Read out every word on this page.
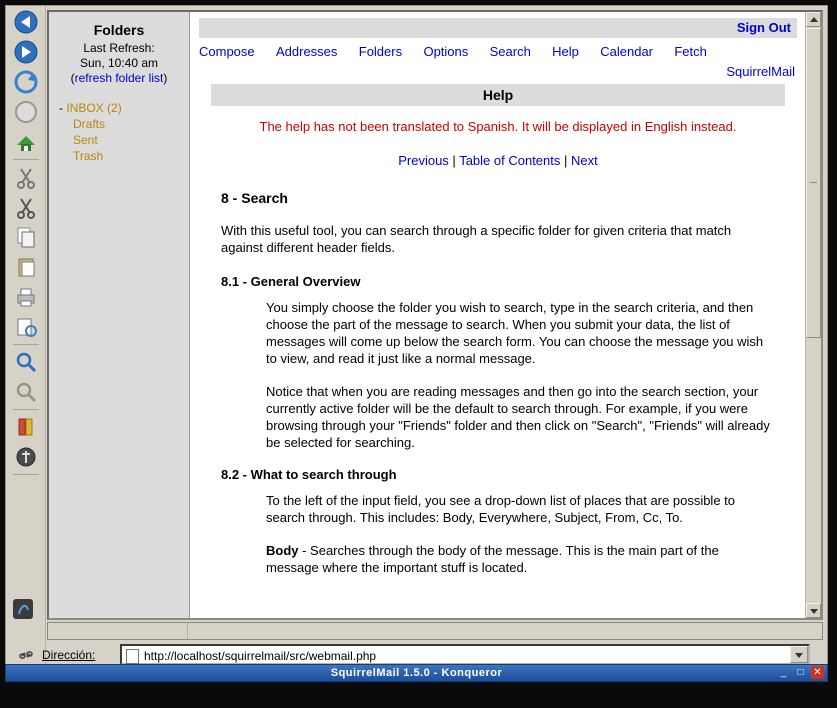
Folders
Last Refresh:
Sun, 10:40 am
(refresh folder list)
- INBOX (2)
Drafts
Sent
Trash
Sign Out
Compose Addresses Folders Options Search Help Calendar Fetch
SquirrelMail
Help
The help has not been translated to Spanish. It will be displayed in English instead.
Previous | Table of Contents | Next
8 - Search

With this useful tool, you can search through a specific folder for given criteria that match against different header fields.

8.1 - General Overview

You simply choose the folder you wish to search, type in the search criteria, and then choose the part of the message to search. When you submit your data, the list of messages will come up below the search form. You can choose the message you wish to view, and read it just like a normal message.

Notice that when you are reading messages and then go into the search section, your currently active folder will be the default to search through. For example, if you were browsing through your "Friends" folder and then click on "Search", "Friends" will already be selected for searching.

8.2 - What to search through

To the left of the input field, you see a drop-down list of places that are possible to search through. This includes: Body, Everywhere, Subject, From, Cc, To.

Body - Searches through the body of the message. This is the main part of the message where the important stuff is located.

Dirección:	http://localhost/squirrelmail/src/webmail.php
SquirrelMail 1.5.0 - Konqueror	_	□ ✕
